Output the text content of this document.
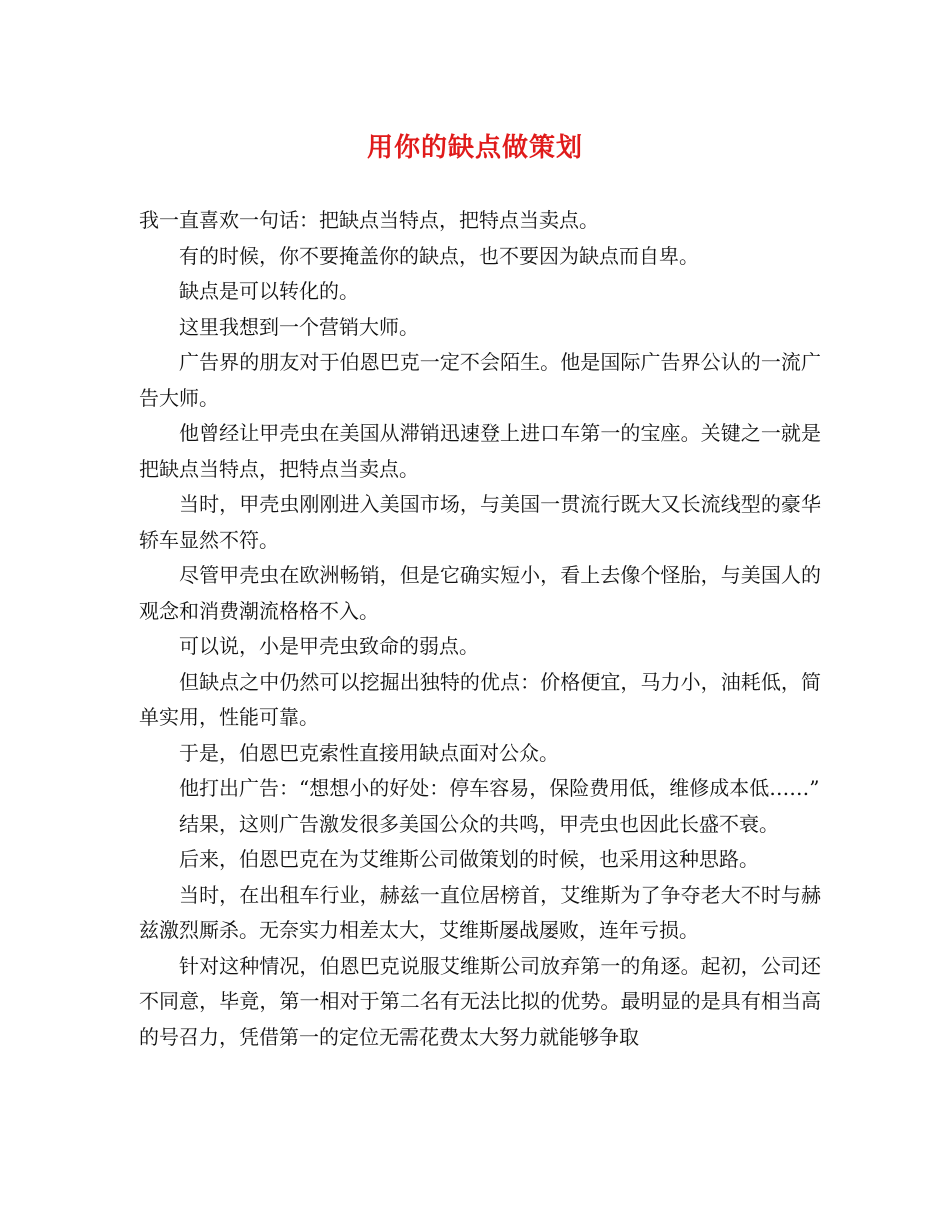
用你的缺点做策划

我一直喜欢一句话：把缺点当特点，把特点当卖点。

有的时候，你不要掩盖你的缺点，也不要因为缺点而自卑。

缺点是可以转化的。

这里我想到一个营销大师。

广告界的朋友对于伯恩巴克一定不会陌生。他是国际广告界公认的一流广告大师。

他曾经让甲壳虫在美国从滞销迅速登上进口车第一的宝座。关键之一就是把缺点当特点，把特点当卖点。

当时，甲壳虫刚刚进入美国市场，与美国一贯流行既大又长流线型的豪华轿车显然不符。

尽管甲壳虫在欧洲畅销，但是它确实短小，看上去像个怪胎，与美国人的观念和消费潮流格格不入。

可以说，小是甲壳虫致命的弱点。

但缺点之中仍然可以挖掘出独特的优点：价格便宜，马力小，油耗低，简单实用，性能可靠。

于是，伯恩巴克索性直接用缺点面对公众。

他打出广告：“想想小的好处：停车容易，保险费用低，维修成本低……”

结果，这则广告激发很多美国公众的共鸣，甲壳虫也因此长盛不衰。

后来，伯恩巴克在为艾维斯公司做策划的时候，也采用这种思路。

当时，在出租车行业，赫兹一直位居榜首，艾维斯为了争夺老大不时与赫兹激烈厮杀。无奈实力相差太大，艾维斯屡战屡败，连年亏损。

针对这种情况，伯恩巴克说服艾维斯公司放弃第一的角逐。起初，公司还不同意，毕竟，第一相对于第二名有无法比拟的优势。最明显的是具有相当高的号召力，凭借第一的定位无需花费太大努力就能够争取
